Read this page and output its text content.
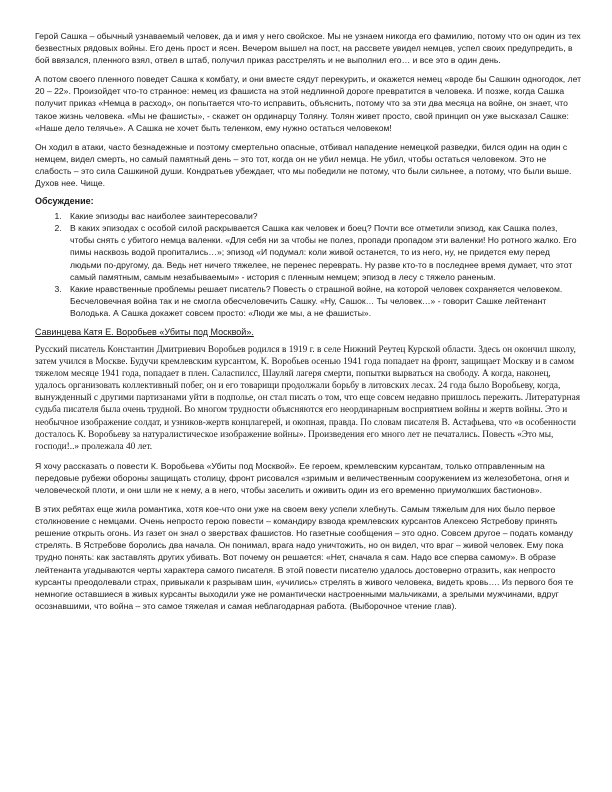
Герой Сашка – обычный узнаваемый человек, да и имя у него свойское. Мы не узнаем никогда его фамилию, потому что он один из тех безвестных рядовых войны. Его день прост и ясен. Вечером вышел на пост, на рассвете увидел немцев, успел своих предупредить, в бой ввязался, пленного взял, отвел в штаб, получил приказ расстрелять и не выполнил его… и все это в один день.

А потом своего пленного поведет Сашка к комбату, и они вместе сядут перекурить, и окажется немец «вроде бы Сашкин одногодок, лет 20 – 22». Произойдет что-то странное: немец из фашиста на этой недлинной дороге превратится в человека. И позже, когда Сашка получит приказ «Немца в расход», он попытается что-то исправить, объяснить, потому что за эти два месяца на войне, он знает, что такое жизнь человека. «Мы не фашисты», - скажет он ординарцу Толяну. Толян живет просто, свой принцип он уже высказал Сашке: «Наше дело телячье». А Сашка не хочет быть теленком, ему нужно остаться человеком!

Он ходил в атаки, часто безнадежные и поэтому смертельно опасные, отбивал нападение немецкой разведки, бился один на один с немцем, видел смерть, но самый памятный день – это тот, когда он не убил немца. Не убил, чтобы остаться человеком. Это не слабость – это сила Сашкиной души. Кондратьев убеждает, что мы победили не потому, что были сильнее, а потому, что были выше. Духов нее. Чище.

Обсуждение:
1. Какие эпизоды вас наиболее заинтересовали?
2. В каких эпизодах с особой силой раскрывается Сашка как человек и боец? Почти все отметили эпизод, как Сашка полез, чтобы снять с убитого немца валенки. «Для себя ни за чтобы не полез, пропади пропадом эти валенки! Но ротного жалко. Его пимы насквозь водой пропитались…»; эпизод «И подумал: коли живой останется, то из него, ну, не придется ему перед людьми по-другому, да. Ведь нет ничего тяжелее, не перенес переврать. Ну разве кто-то в последнее время думает, что этот самый памятным, самым незабываемым» - история с пленным немцем; эпизод в лесу с тяжело раненым.
3. Какие нравственные проблемы решает писатель? Повесть о страшной войне, на которой человек сохраняется человеком. Бесчеловечная война так и не смогла обесчеловечить Сашку. «Ну, Сашок… Ты человек…» - говорит Сашке лейтенант Володька. А Сашка докажет совсем просто: «Люди же мы, а не фашисты».
Савинцева Катя Е. Воробьев «Убиты под Москвой».

Русский писатель Константин Дмитриевич Воробьев родился в 1919 г. в селе Нижний Реутец Курской области. Здесь он окончил школу, затем учился в Москве. Будучи кремлевским курсантом, К. Воробьев осенью 1941 года попадает на фронт, защищает Москву и в самом тяжелом месяце 1941 года, попадает в плен. Саласпилсс, Шауляй лагеря смерти, попытки вырваться на свободу. А когда, наконец, удалось организовать коллективный побег, он и его товарищи продолжали борьбу в литовских лесах. 24 года было Воробьеву, когда, вынужденный с другими партизанами уйти в подполье, он стал писать о том, что еще совсем недавно пришлось пережить. Литературная судьба писателя была очень трудной. Во многом трудности объясняются его неординарным восприятием войны и жертв войны. Это и необычное изображение солдат, и узников-жертв концлагерей, и окопная, правда. По словам писателя В. Астафьева, что «в особенности досталось К. Воробьеву за натуралистическое изображение войны». Произведения его много лет не печатались. Повесть «Это мы, господи!..» пролежала 40 лет.

Я хочу рассказать о повести К. Воробьева «Убиты под Москвой». Ее героем, кремлевским курсантам, только отправленным на передовые рубежи обороны защищать столицу, фронт рисовался «зримым и величественным сооружением из железобетона, огня и человеческой плоти, и они шли не к нему, а в него, чтобы заселить и оживить один из его временно приумолкших бастионов».

В этих ребятах еще жила романтика, хотя кое-что они уже на своем веку успели хлебнуть. Самым тяжелым для них было первое столкновение с немцами. Очень непросто герою повести – командиру взвода кремлевских курсантов Алексею Ястребову принять решение открыть огонь. Из газет он знал о зверствах фашистов. Но газетные сообщения – это одно. Совсем другое – подать команду стрелять. В Ястребове боролись два начала. Он понимал, врага надо уничтожить, но он видел, что враг – живой человек. Ему пока трудно понять: как заставлять других убивать. Вот почему он решается: «Нет, сначала я сам. Надо все сперва самому». В образе лейтенанта угадываются черты характера самого писателя. В этой повести писателю удалось достоверно отразить, как непросто курсанты преодолевали страх, привыкали к разрывам шин, «учились» стрелять в живого человека, видеть кровь…. Из первого боя те немногие оставшиеся в живых курсанты выходили уже не романтически настроенными мальчиками, а зрелыми мужчинами, вдруг осознавшими, что война – это самое тяжелая и самая неблагодарная работа. (Выборочное чтение глав).
